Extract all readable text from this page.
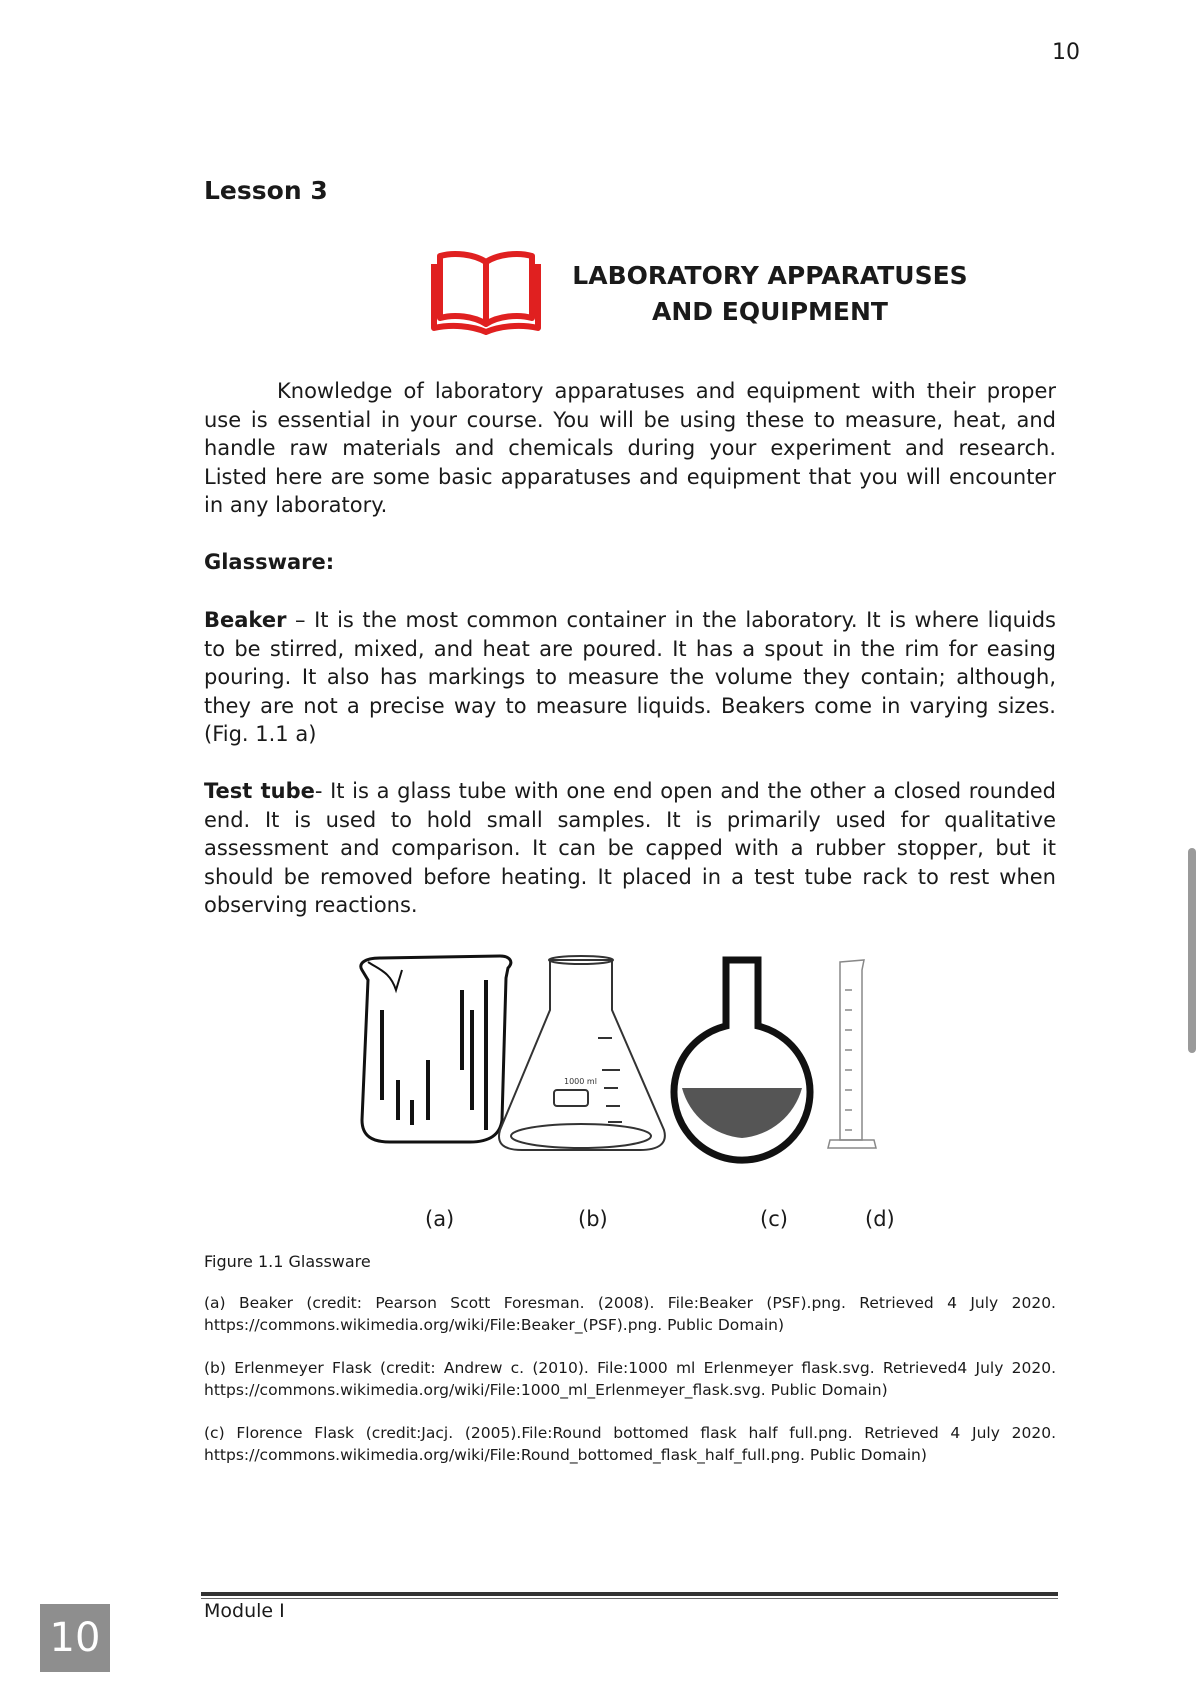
10
Lesson 3
LABORATORY APPARATUSES
AND EQUIPMENT

Knowledge of laboratory apparatuses and equipment with their proper use is essential in your course. You will be using these to measure, heat, and handle raw materials and chemicals during your experiment and research. Listed here are some basic apparatuses and equipment that you will encounter in any laboratory.

Glassware:

Beaker – It is the most common container in the laboratory. It is where liquids to be stirred, mixed, and heat are poured. It has a spout in the rim for easing pouring. It also has markings to measure the volume they contain; although, they are not a precise way to measure liquids. Beakers come in varying sizes. (Fig. 1.1 a)

Test tube- It is a glass tube with one end open and the other a closed rounded end. It is used to hold small samples. It is primarily used for qualitative assessment and comparison. It can be capped with a rubber stopper, but it should be removed before heating. It placed in a test tube rack to rest when observing reactions.

1000 ml
(a)	(b)	(c)	(d)
Figure 1.1 Glassware

(a) Beaker (credit: Pearson Scott Foresman. (2008). File:Beaker (PSF).png. Retrieved 4 July 2020. https://commons.wikimedia.org/wiki/File:Beaker_(PSF).png. Public Domain)

(b) Erlenmeyer Flask (credit: Andrew c. (2010). File:1000 ml Erlenmeyer flask.svg. Retrieved4 July 2020. https://commons.wikimedia.org/wiki/File:1000_ml_Erlenmeyer_flask.svg. Public Domain)

(c) Florence Flask (credit:Jacj. (2005).File:Round bottomed flask half full.png. Retrieved 4 July 2020. https://commons.wikimedia.org/wiki/File:Round_bottomed_flask_half_full.png. Public Domain)

Module I
10
